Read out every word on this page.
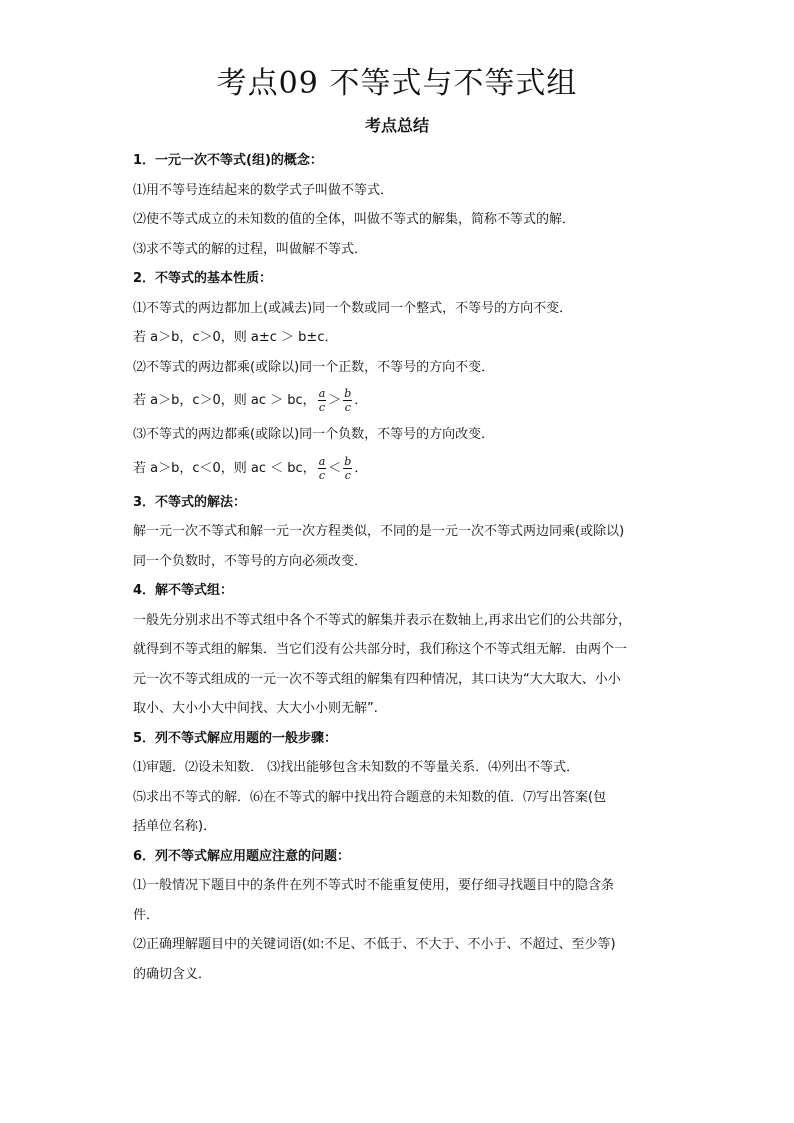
考点09 不等式与不等式组
考点总结
1．一元一次不等式(组)的概念：
⑴用不等号连结起来的数学式子叫做不等式．
⑵使不等式成立的未知数的值的全体，叫做不等式的解集，简称不等式的解．
⑶求不等式的解的过程，叫做解不等式．
2．不等式的基本性质：
⑴不等式的两边都加上(或减去)同一个数或同一个整式，不等号的方向不变．
若 a＞b，c＞0，则 a±c ＞ b±c．
⑵不等式的两边都乘(或除以)同一个正数，不等号的方向不变．
若 a＞b，c＞0，则 ac ＞ bc， $\frac{a}{c} > \frac{b}{c}$ ．
⑶不等式的两边都乘(或除以)同一个负数，不等号的方向改变．
若 a＞b，c＜0，则 ac ＜ bc， $\frac{a}{c} < \frac{b}{c}$ ．
3．不等式的解法：
解一元一次不等式和解一元一次方程类似，不同的是一元一次不等式两边同乘(或除以)
同一个负数时，不等号的方向必须改变．
4．解不等式组：
一般先分别求出不等式组中各个不等式的解集并表示在数轴上,再求出它们的公共部分，
就得到不等式组的解集．当它们没有公共部分时，我们称这个不等式组无解．由两个一
元一次不等式组成的一元一次不等式组的解集有四种情况，其口诀为“大大取大、小小
取小、大小小大中间找、大大小小则无解”.
5．列不等式解应用题的一般步骤：
⑴审题．⑵设未知数． ⑶找出能够包含未知数的不等量关系．⑷列出不等式．
⑸求出不等式的解．⑹在不等式的解中找出符合题意的未知数的值．⑺写出答案(包
括单位名称)．
6．列不等式解应用题应注意的问题：
⑴一般情况下题目中的条件在列不等式时不能重复使用，要仔细寻找题目中的隐含条
件．
⑵正确理解题目中的关键词语(如:不足、不低于、不大于、不小于、不超过、至少等)
的确切含义．
